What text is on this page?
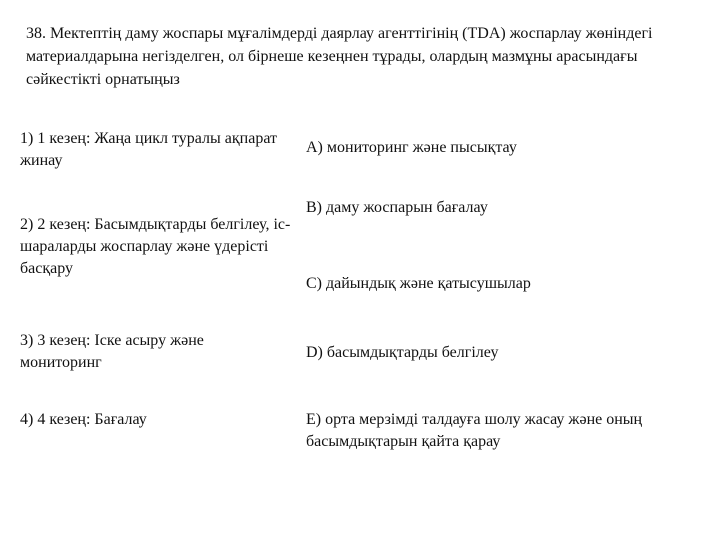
38. Мектептің даму жоспары мұғалімдерді даярлау агенттігінің (TDA) жоспарлау жөніндегі материалдарына негізделген, ол бірнеше кезеңнен тұрады, олардың мазмұны арасындағы сәйкестікті орнатыңыз
1) 1 кезең: Жаңа цикл туралы ақпарат жинау
2) 2 кезең: Басымдықтарды белгілеу, іс-шараларды жоспарлау және үдерісті басқару
3) 3 кезең: Іске асыру және мониторинг
4) 4 кезең: Бағалау
A) мониторинг және пысықтау
B) даму жоспарын бағалау
C) дайындық және қатысушылар
D) басымдықтарды белгілеу
E) орта мерзімді талдауға шолу жасау және оның басымдықтарын қайта қарау
